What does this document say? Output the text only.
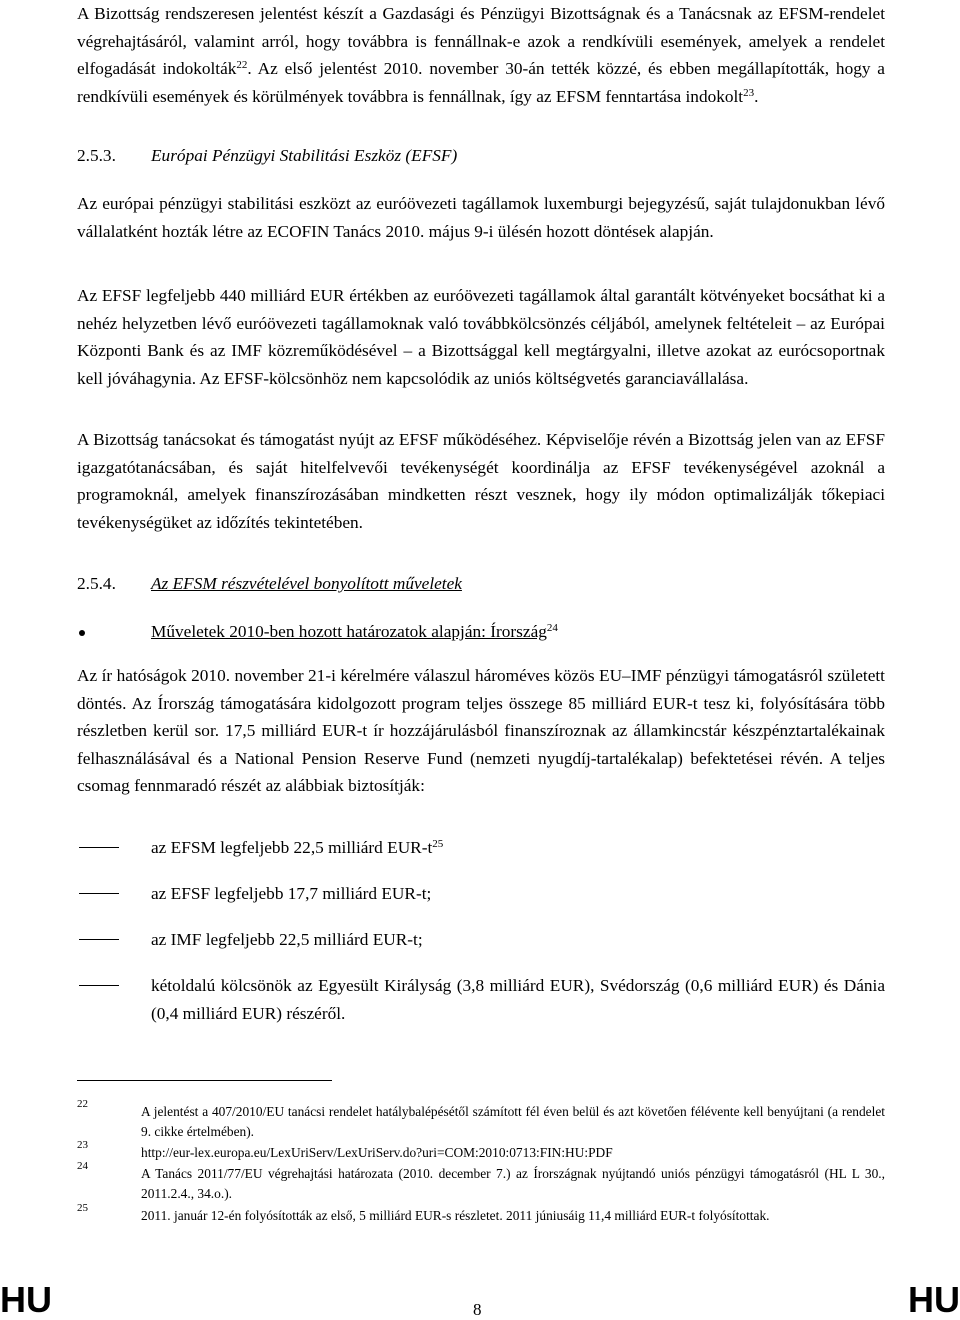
A Bizottság rendszeresen jelentést készít a Gazdasági és Pénzügyi Bizottságnak és a Tanácsnak az EFSM-rendelet végrehajtásáról, valamint arról, hogy továbbra is fennállnak-e azok a rendkívüli események, amelyek a rendelet elfogadását indokolták$^{22}$. Az első jelentést 2010. november 30-án tették közzé, és ebben megállapították, hogy a rendkívüli események és körülmények továbbra is fennállnak, így az EFSM fenntartása indokolt$^{23}$.

2.5.3. Európai Pénzügyi Stabilitási Eszköz (EFSF)

Az európai pénzügyi stabilitási eszközt az euróövezeti tagállamok luxemburgi bejegyzésű, saját tulajdonukban lévő vállalatként hozták létre az ECOFIN Tanács 2010. május 9-i ülésén hozott döntések alapján.

Az EFSF legfeljebb 440 milliárd EUR értékben az euróövezeti tagállamok által garantált kötvényeket bocsáthat ki a nehéz helyzetben lévő euróövezeti tagállamoknak való továbbkölcsönzés céljából, amelynek feltételeit – az Európai Központi Bank és az IMF közreműködésével – a Bizottsággal kell megtárgyalni, illetve azokat az eurócsoportnak kell jóváhagynia. Az EFSF-kölcsönhöz nem kapcsolódik az uniós költségvetés garanciavállalása.

A Bizottság tanácsokat és támogatást nyújt az EFSF működéséhez. Képviselője révén a Bizottság jelen van az EFSF igazgatótanácsában, és saját hitelfelvevői tevékenységét koordinálja az EFSF tevékenységével azoknál a programoknál, amelyek finanszírozásában mindketten részt vesznek, hogy ily módon optimalizálják tőkepiaci tevékenységüket az időzítés tekintetében.

2.5.4. Az EFSM részvételével bonyolított műveletek

Műveletek 2010-ben hozott határozatok alapján: Írország$^{24}$

Az ír hatóságok 2010. november 21-i kérelmére válaszul hároméves közös EU–IMF pénzügyi támogatásról született döntés. Az Írország támogatására kidolgozott program teljes összege 85 milliárd EUR-t tesz ki, folyósítására több részletben kerül sor. 17,5 milliárd EUR-t ír hozzájárulásból finanszíroznak az államkincstár készpénztartalékainak felhasználásával és a National Pension Reserve Fund (nemzeti nyugdíj-tartalékalap) befektetései révén. A teljes csomag fennmaradó részét az alábbiak biztosítják:

az EFSM legfeljebb 22,5 milliárd EUR-$t^{25}$

az EFSF legfeljebb 17,7 milliárd EUR-t;

az IMF legfeljebb 22,5 milliárd EUR-t;

kétoldalú kölcsönök az Egyesült Királyság (3,8 milliárd EUR), Svédország (0,6 milliárd EUR) és Dánia (0,4 milliárd EUR) részéről.

22	A jelentést a 407/2010/EU tanácsi rendelet hatálybalépésétől számított fél éven belül és azt követően félévente kell benyújtani (a rendelet 9. cikke értelmében).
23	http://eur-lex.europa.eu/LexUriServ/LexUriServ.do?uri=COM:2010:0713:FIN:HU:PDF
24	A Tanács 2011/77/EU végrehajtási határozata (2010. december 7.) az Írországnak nyújtandó uniós pénzügyi támogatásról (HL L 30., 2011.2.4., 34.o.).
25	2011. január 12-én folyósították az első, 5 milliárd EUR-s részletet. 2011 júniusáig 11,4 milliárd EUR-t folyósítottak.
HU	8	HU
